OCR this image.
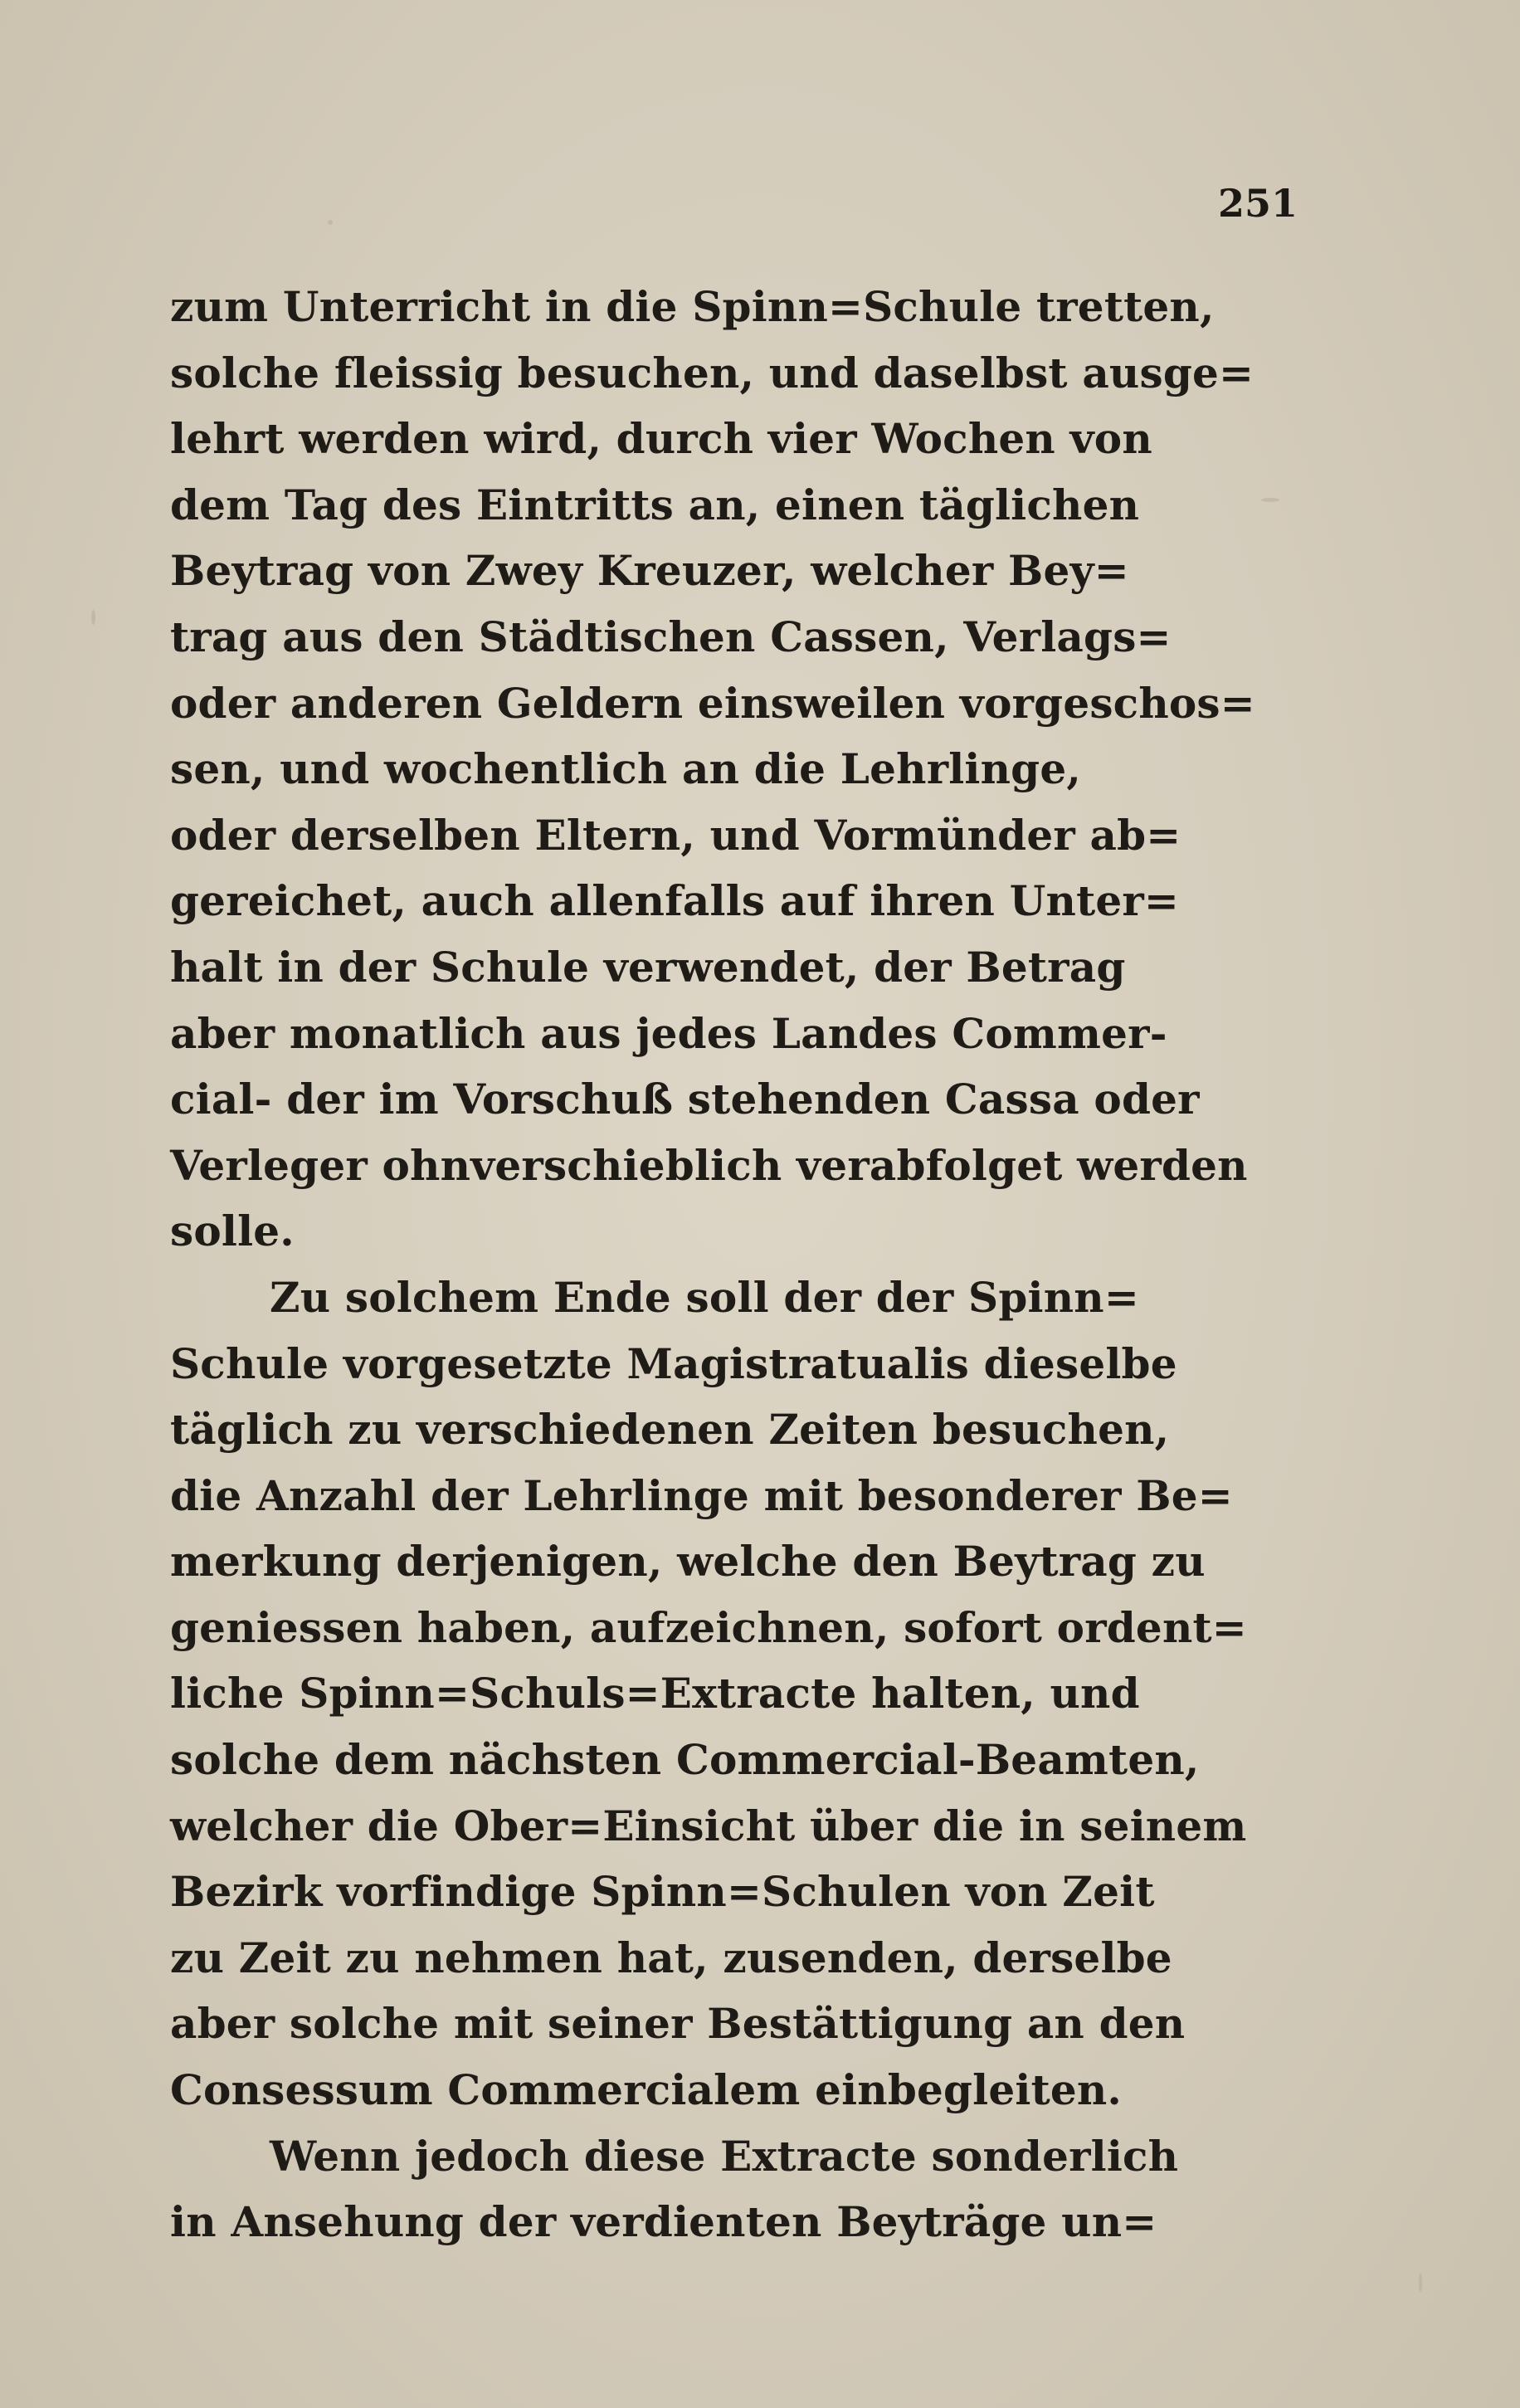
251
zum Unterricht in die Spinn=Schule tretten,
solche fleissig besuchen, und daselbst ausge=
lehrt werden wird, durch vier Wochen von
dem Tag des Eintritts an, einen täglichen
Beytrag von Zwey Kreuzer, welcher Bey=
trag aus den Städtischen Cassen, Verlags=
oder anderen Geldern einsweilen vorgeschos=
sen, und wochentlich an die Lehrlinge,
oder derselben Eltern, und Vormünder ab=
gereichet, auch allenfalls auf ihren Unter=
halt in der Schule verwendet, der Betrag
aber monatlich aus jedes Landes Commer-
cial- der im Vorschuß stehenden Cassa oder
Verleger ohnverschieblich verabfolget werden
solle.
Zu solchem Ende soll der der Spinn=
Schule vorgesetzte Magistratualis dieselbe
täglich zu verschiedenen Zeiten besuchen,
die Anzahl der Lehrlinge mit besonderer Be=
merkung derjenigen, welche den Beytrag zu
geniessen haben, aufzeichnen, sofort ordent=
liche Spinn=Schuls=Extracte halten, und
solche dem nächsten Commercial-Beamten,
welcher die Ober=Einsicht über die in seinem
Bezirk vorfindige Spinn=Schulen von Zeit
zu Zeit zu nehmen hat, zusenden, derselbe
aber solche mit seiner Bestättigung an den
Consessum Commercialem einbegleiten.
Wenn jedoch diese Extracte sonderlich
in Ansehung der verdienten Beyträge un=
